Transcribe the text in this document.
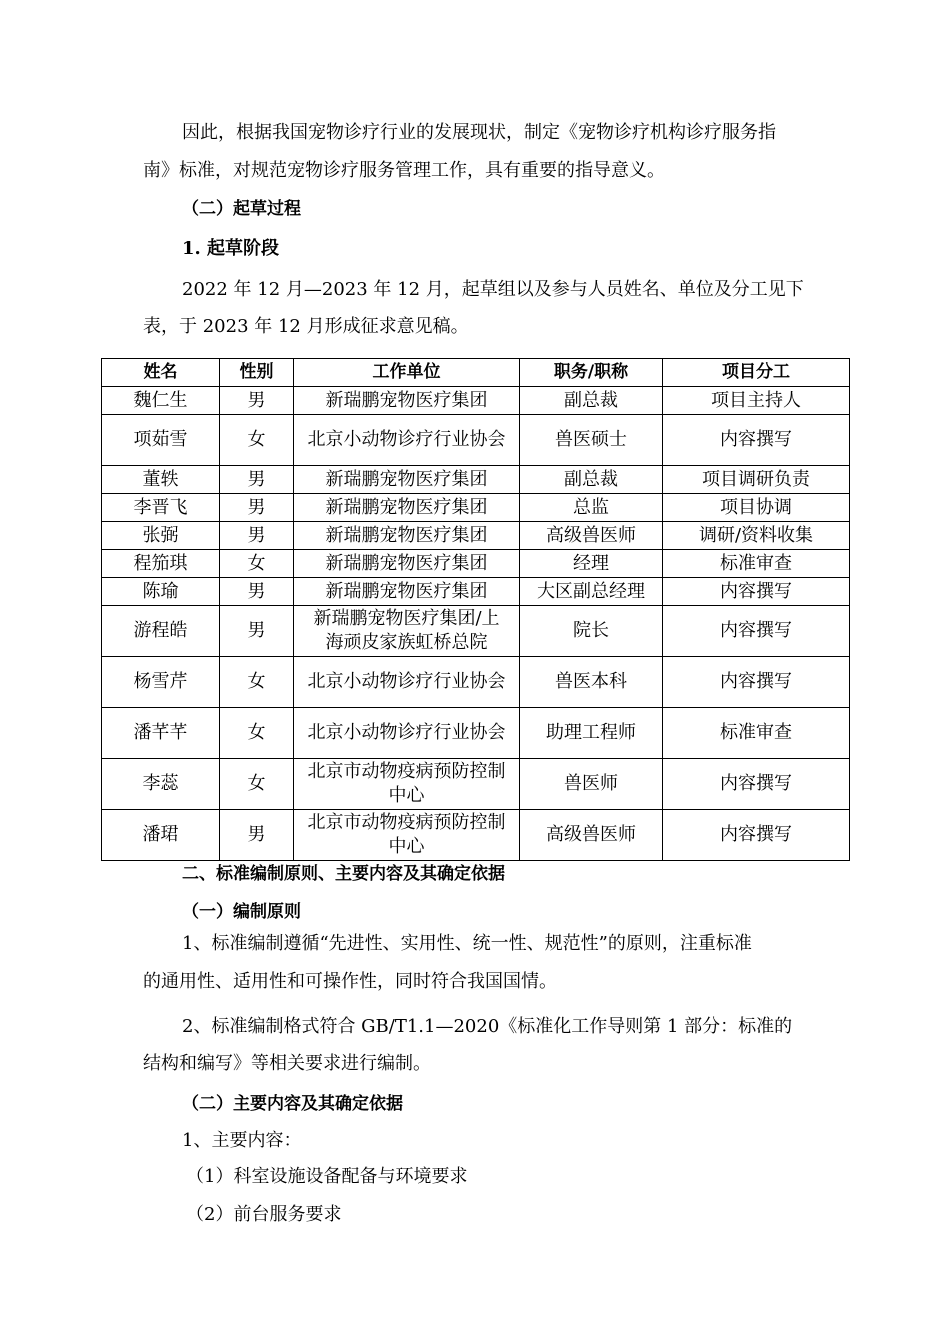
因此，根据我国宠物诊疗行业的发展现状，制定《宠物诊疗机构诊疗服务指
南》标准，对规范宠物诊疗服务管理工作，具有重要的指导意义。
（二）起草过程
1. 起草阶段
2022 年 12 月—2023 年 12 月，起草组以及参与人员姓名、单位及分工见下
表，于 2023 年 12 月形成征求意见稿。
姓名	性别	工作单位	职务/职称	项目分工
魏仁生	男	新瑞鹏宠物医疗集团	副总裁	项目主持人
项茹雪	女	北京小动物诊疗行业协会	兽医硕士	内容撰写
董轶	男	新瑞鹏宠物医疗集团	副总裁	项目调研负责
李晋飞	男	新瑞鹏宠物医疗集团	总监	项目协调
张弼	男	新瑞鹏宠物医疗集团	高级兽医师	调研/资料收集
程笳琪	女	新瑞鹏宠物医疗集团	经理	标准审查
陈瑜	男	新瑞鹏宠物医疗集团	大区副总经理	内容撰写
游程皓	男	新瑞鹏宠物医疗集团/上海顽皮家族虹桥总院	院长	内容撰写
杨雪芹	女	北京小动物诊疗行业协会	兽医本科	内容撰写
潘芊芊	女	北京小动物诊疗行业协会	助理工程师	标准审查
李蕊	女	北京市动物疫病预防控制中心	兽医师	内容撰写
潘珺	男	北京市动物疫病预防控制中心	高级兽医师	内容撰写
二、标准编制原则、主要内容及其确定依据
（一）编制原则
1、标准编制遵循“先进性、实用性、统一性、规范性”的原则，注重标准
的通用性、适用性和可操作性，同时符合我国国情。
2、标准编制格式符合 GB/T1.1—2020《标准化工作导则第 1 部分：标准的
结构和编写》等相关要求进行编制。
（二）主要内容及其确定依据
1、主要内容：
（1）科室设施设备配备与环境要求
（2）前台服务要求
